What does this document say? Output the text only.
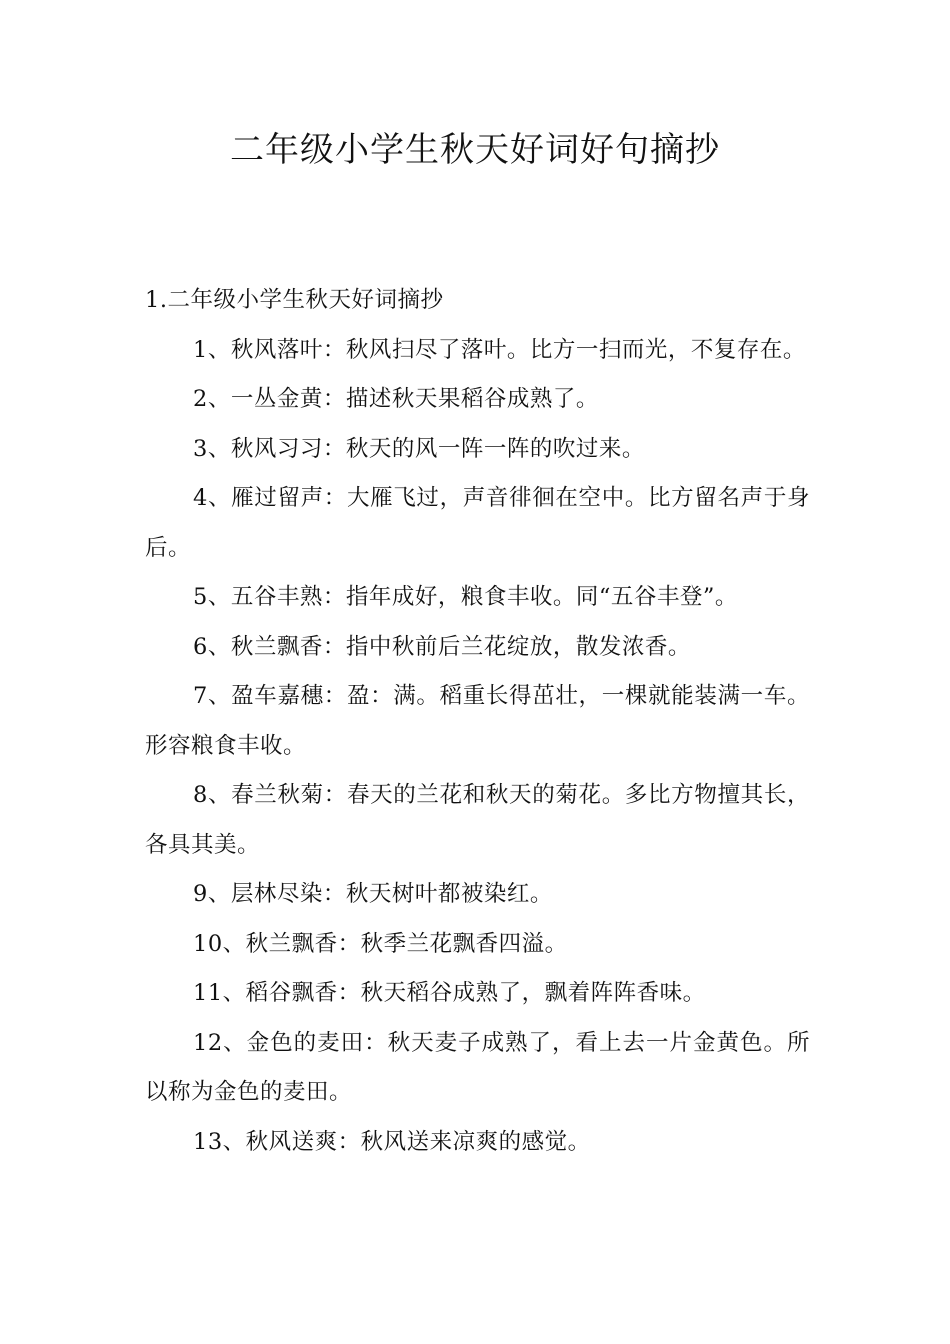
二年级小学生秋天好词好句摘抄

1.二年级小学生秋天好词摘抄

1、秋风落叶：秋风扫尽了落叶。比方一扫而光，不复存在。

2、一丛金黄：描述秋天果稻谷成熟了。

3、秋风习习：秋天的风一阵一阵的吹过来。

4、雁过留声：大雁飞过，声音徘徊在空中。比方留名声于身后。

5、五谷丰熟：指年成好，粮食丰收。同“五谷丰登”。

6、秋兰飘香：指中秋前后兰花绽放，散发浓香。

7、盈车嘉穗：盈：满。稻重长得茁壮，一棵就能装满一车。形容粮食丰收。

8、春兰秋菊：春天的兰花和秋天的菊花。多比方物擅其长，各具其美。

9、层林尽染：秋天树叶都被染红。

10、秋兰飘香：秋季兰花飘香四溢。

11、稻谷飘香：秋天稻谷成熟了，飘着阵阵香味。

12、金色的麦田：秋天麦子成熟了，看上去一片金黄色。所以称为金色的麦田。

13、秋风送爽：秋风送来凉爽的感觉。
